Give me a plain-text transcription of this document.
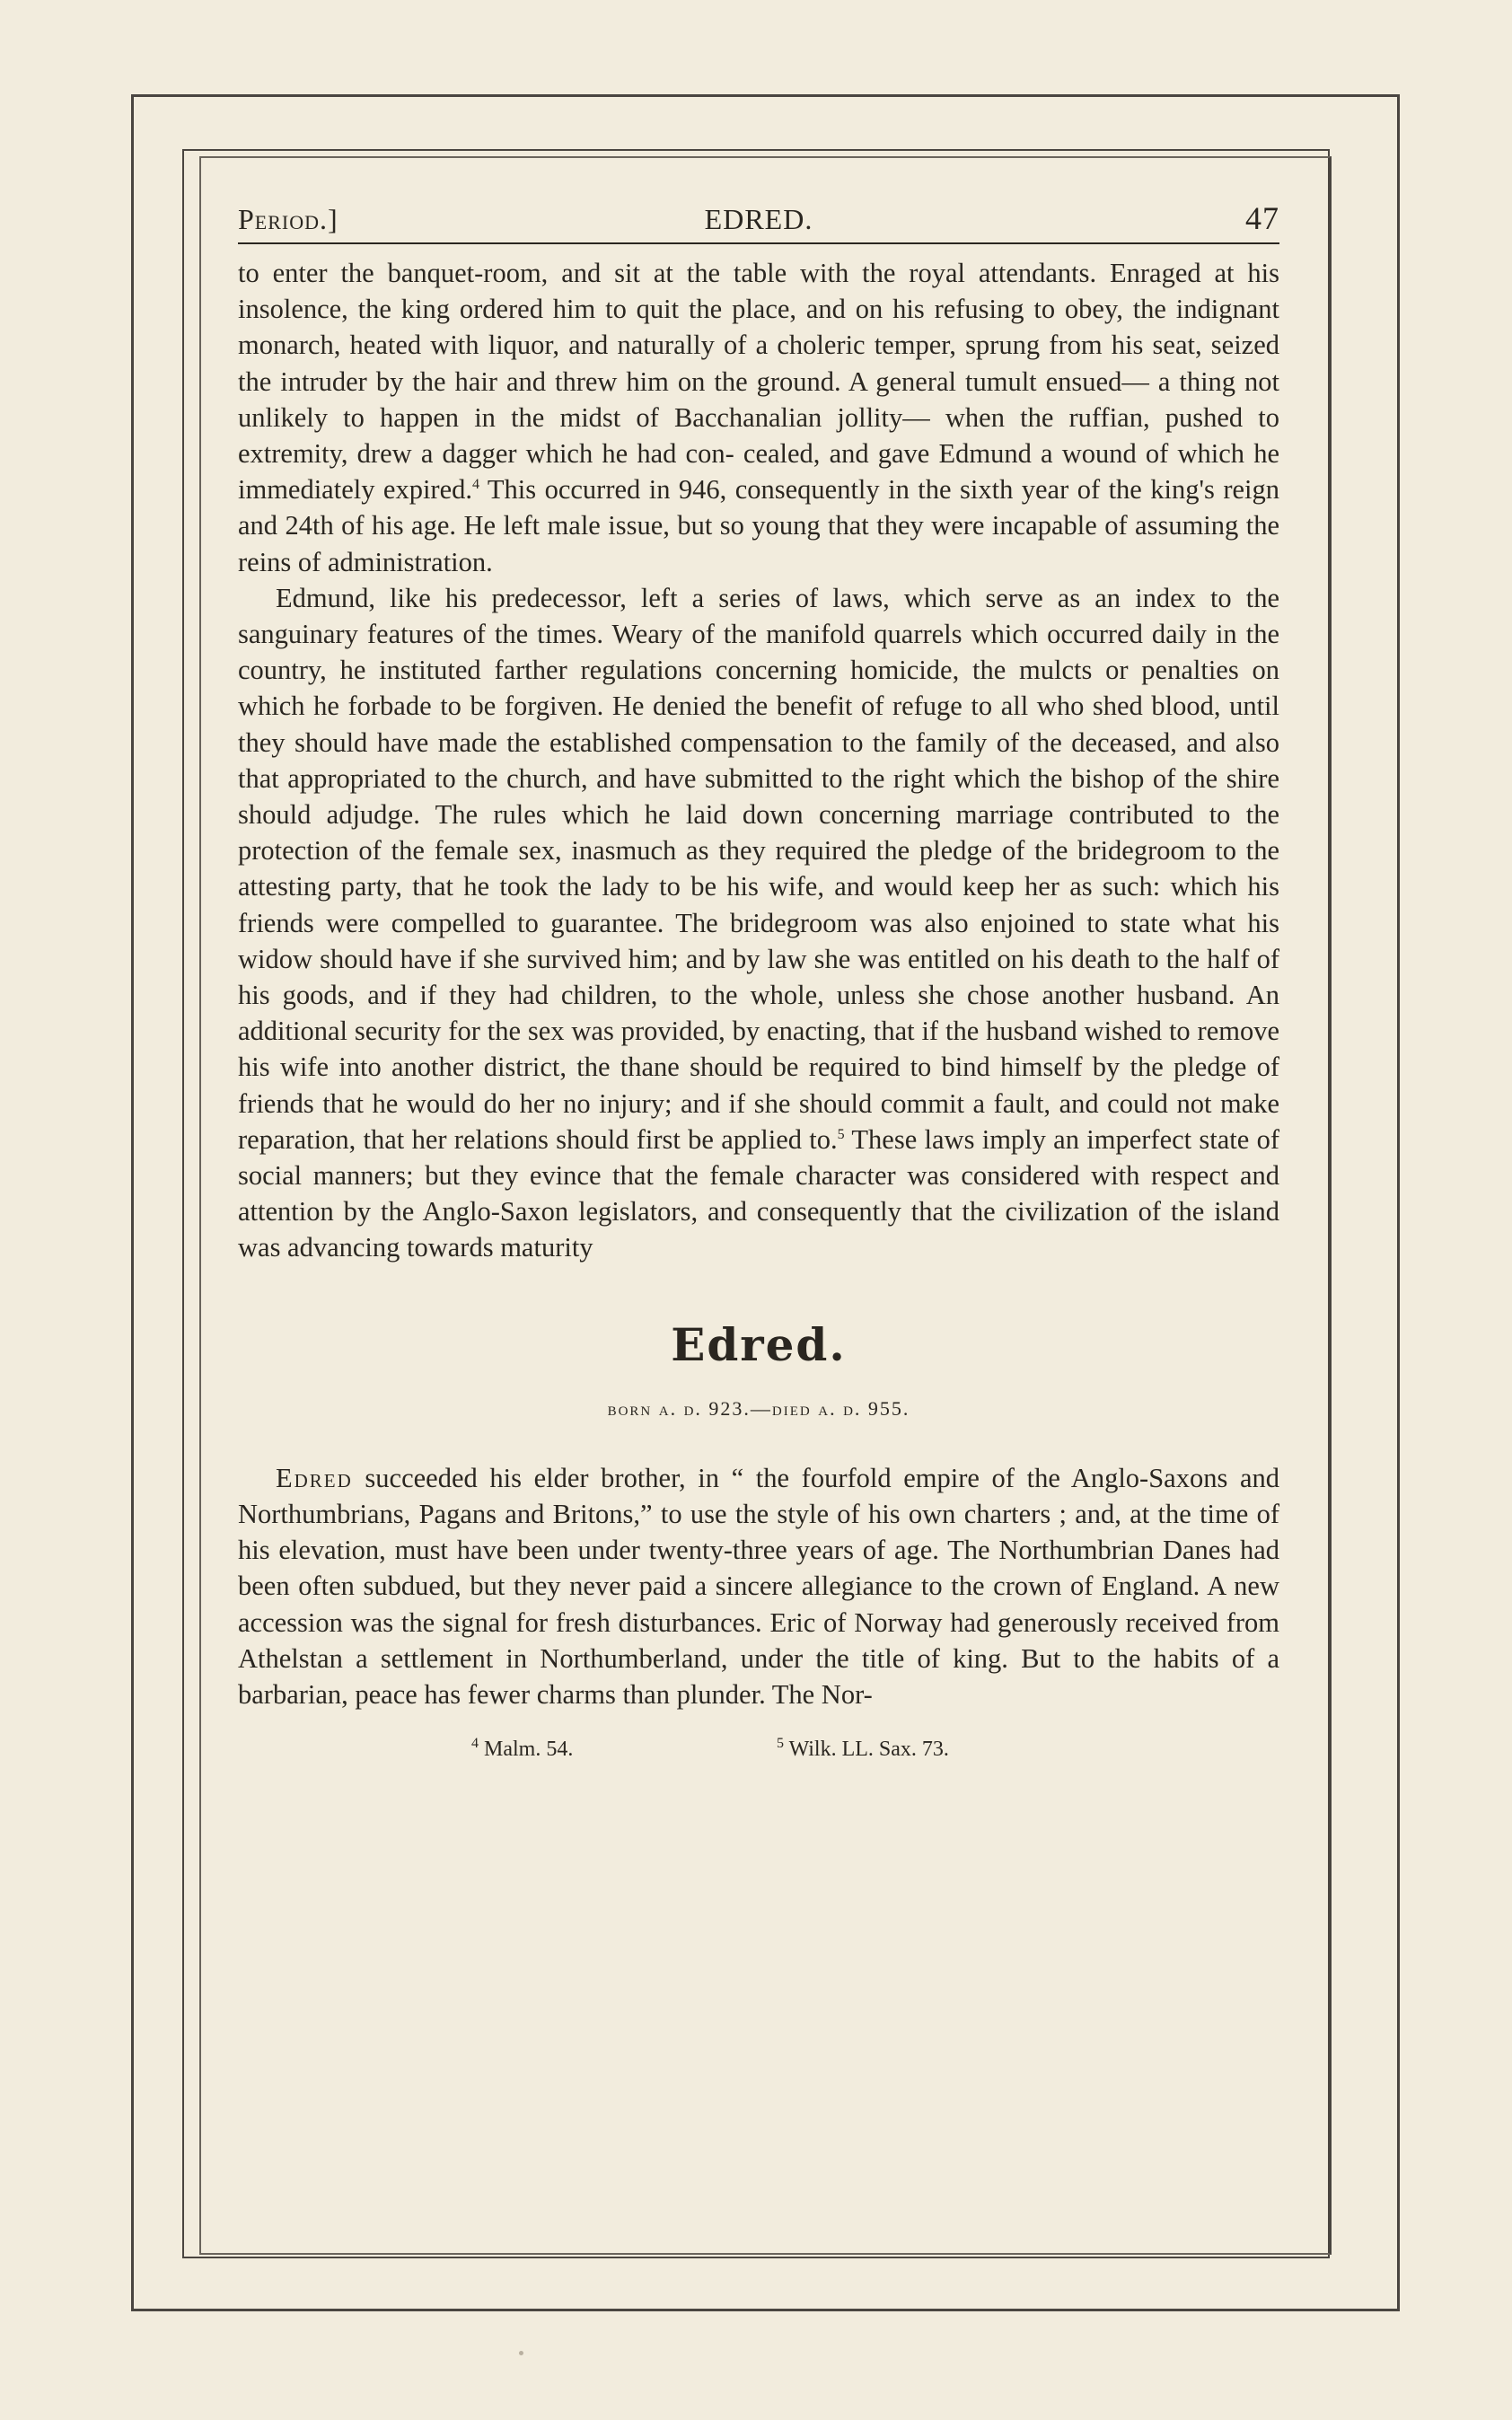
Period.]	EDRED.	47

to enter the banquet-room, and sit at the table with the royal attendants. Enraged at his insolence, the king ordered him to quit the place, and on his refusing to obey, the indignant monarch, heated with liquor, and naturally of a choleric temper, sprung from his seat, seized the intruder by the hair and threw him on the ground. A general tumult ensued— a thing not unlikely to happen in the midst of Bacchanalian jollity— when the ruffian, pushed to extremity, drew a dagger which he had con- cealed, and gave Edmund a wound of which he immediately expired.$^4$ This occurred in 946, consequently in the sixth year of the king's reign and 24th of his age. He left male issue, but so young that they were incapable of assuming the reins of administration.

Edmund, like his predecessor, left a series of laws, which serve as an index to the sanguinary features of the times. Weary of the manifold quarrels which occurred daily in the country, he instituted farther regulations concerning homicide, the mulcts or penalties on which he forbade to be forgiven. He denied the benefit of refuge to all who shed blood, until they should have made the established compensation to the family of the deceased, and also that appropriated to the church, and have submitted to the right which the bishop of the shire should adjudge. The rules which he laid down concerning marriage contributed to the protection of the female sex, inasmuch as they required the pledge of the bridegroom to the attesting party, that he took the lady to be his wife, and would keep her as such: which his friends were compelled to guarantee. The bridegroom was also enjoined to state what his widow should have if she survived him; and by law she was entitled on his death to the half of his goods, and if they had children, to the whole, unless she chose another husband. An additional security for the sex was provided, by enacting, that if the husband wished to remove his wife into another district, the thane should be required to bind himself by the pledge of friends that he would do her no injury; and if she should commit a fault, and could not make reparation, that her relations should first be applied to.$^5$ These laws imply an imperfect state of social manners; but they evince that the female character was considered with respect and attention by the Anglo-Saxon legislators, and consequently that the civilization of the island was advancing towards maturity

Edred.
born a. d. 923.—died a. d. 955.

Edred succeeded his elder brother, in “ the fourfold empire of the Anglo-Saxons and Northumbrians, Pagans and Britons,” to use the style of his own charters ; and, at the time of his elevation, must have been under twenty-three years of age. The Northumbrian Danes had been often subdued, but they never paid a sincere allegiance to the crown of England. A new accession was the signal for fresh disturbances. Eric of Norway had generously received from Athelstan a settlement in Northumberland, under the title of king. But to the habits of a barbarian, peace has fewer charms than plunder. The Nor-

$^4$ Malm. 54.	$^5$ Wilk. LL. Sax. 73.
